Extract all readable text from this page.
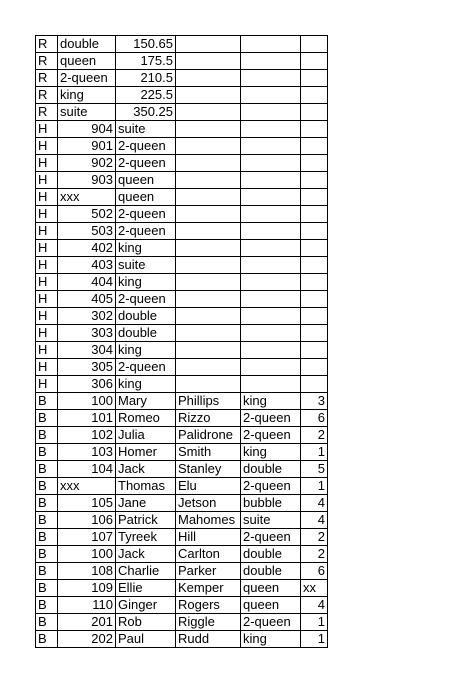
R	double	150.65			
R	queen	175.5			
R	2-queen	210.5			
R	king	225.5			
R	suite	350.25			
H	904	suite			
H	901	2-queen			
H	902	2-queen			
H	903	queen			
H	xxx	queen			
H	502	2-queen			
H	503	2-queen			
H	402	king			
H	403	suite			
H	404	king			
H	405	2-queen			
H	302	double			
H	303	double			
H	304	king			
H	305	2-queen			
H	306	king			
B	100	Mary	Phillips	king	3
B	101	Romeo	Rizzo	2-queen	6
B	102	Julia	Palidrone	2-queen	2
B	103	Homer	Smith	king	1
B	104	Jack	Stanley	double	5
B	xxx	Thomas	Elu	2-queen	1
B	105	Jane	Jetson	bubble	4
B	106	Patrick	Mahomes	suite	4
B	107	Tyreek	Hill	2-queen	2
B	100	Jack	Carlton	double	2
B	108	Charlie	Parker	double	6
B	109	Ellie	Kemper	queen	xx
B	110	Ginger	Rogers	queen	4
B	201	Rob	Riggle	2-queen	1
B	202	Paul	Rudd	king	1
